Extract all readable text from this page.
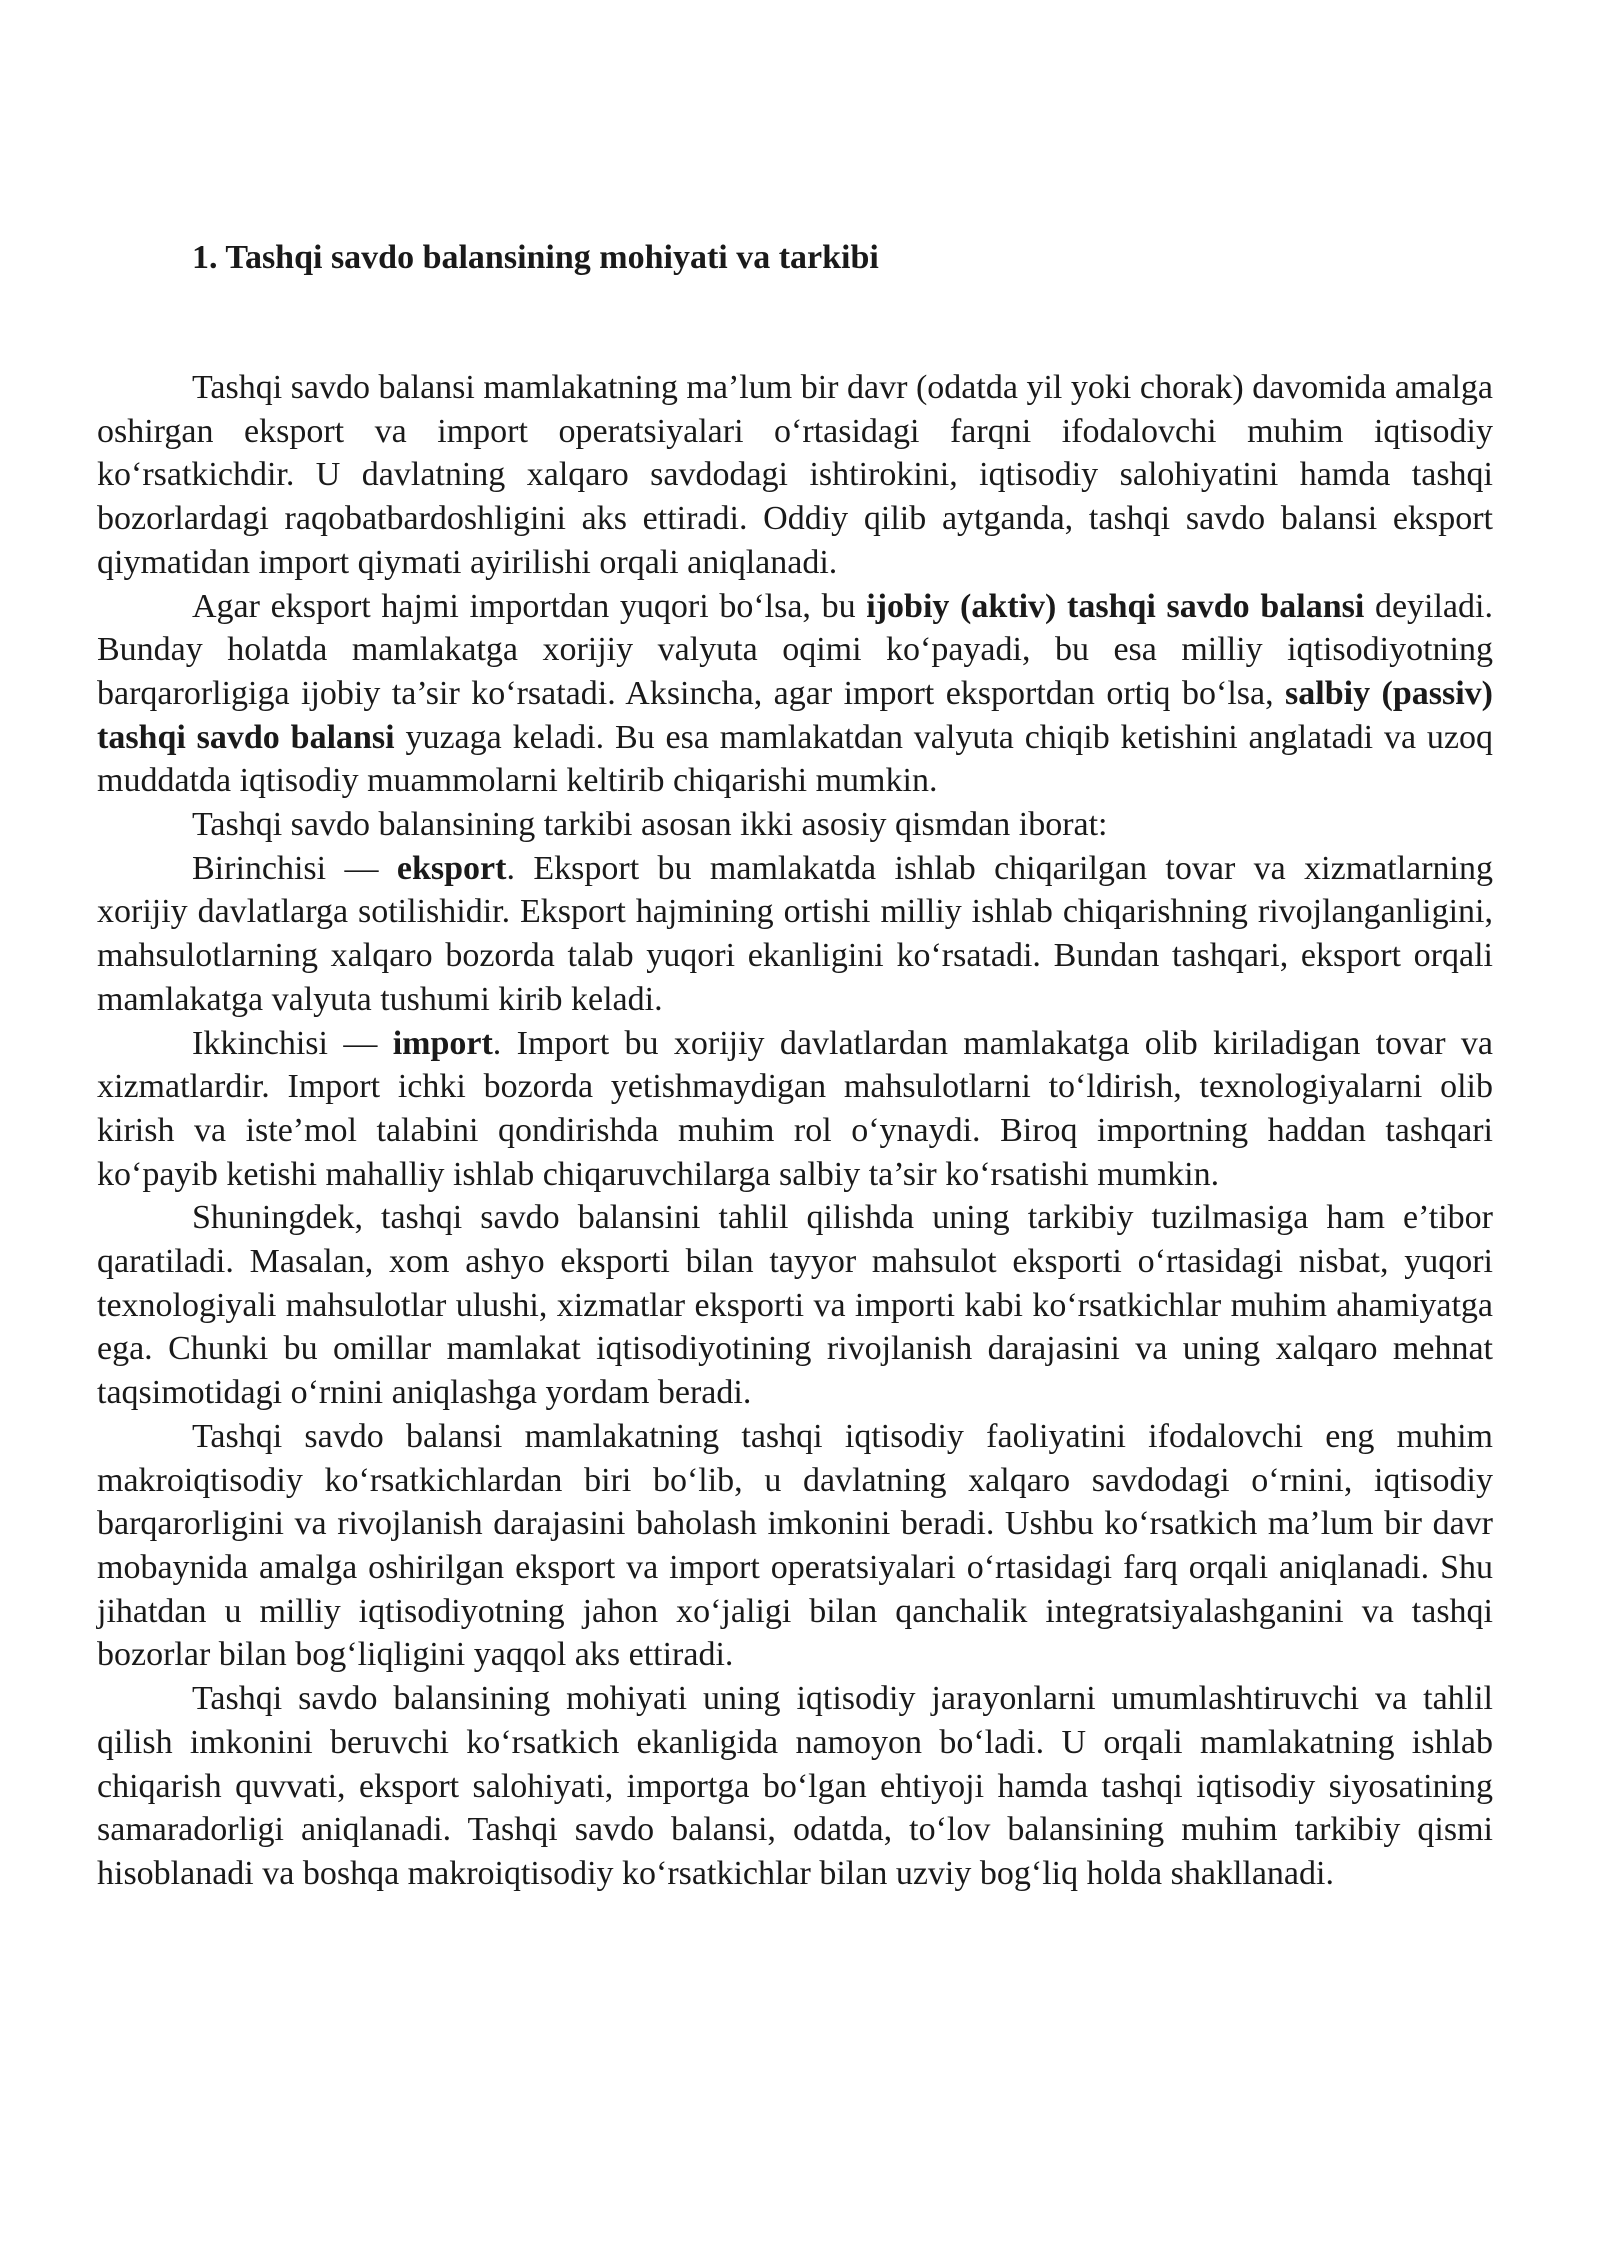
1. Tashqi savdo balansining mohiyati va tarkibi

Tashqi savdo balansi mamlakatning ma’lum bir davr (odatda yil yoki chorak) davomida amalga oshirgan eksport va import operatsiyalari o‘rtasidagi farqni ifodalovchi muhim iqtisodiy ko‘rsatkichdir. U davlatning xalqaro savdodagi ishtirokini, iqtisodiy salohiyatini hamda tashqi bozorlardagi raqobatbardoshligini aks ettiradi. Oddiy qilib aytganda, tashqi savdo balansi eksport qiymatidan import qiymati ayirilishi orqali aniqlanadi.

Agar eksport hajmi importdan yuqori bo‘lsa, bu ijobiy (aktiv) tashqi savdo balansi deyiladi. Bunday holatda mamlakatga xorijiy valyuta oqimi ko‘payadi, bu esa milliy iqtisodiyotning barqarorligiga ijobiy ta’sir ko‘rsatadi. Aksincha, agar import eksportdan ortiq bo‘lsa, salbiy (passiv) tashqi savdo balansi yuzaga keladi. Bu esa mamlakatdan valyuta chiqib ketishini anglatadi va uzoq muddatda iqtisodiy muammolarni keltirib chiqarishi mumkin.

Tashqi savdo balansining tarkibi asosan ikki asosiy qismdan iborat:

Birinchisi — eksport. Eksport bu mamlakatda ishlab chiqarilgan tovar va xizmatlarning xorijiy davlatlarga sotilishidir. Eksport hajmining ortishi milliy ishlab chiqarishning rivojlanganligini, mahsulotlarning xalqaro bozorda talab yuqori ekanligini ko‘rsatadi. Bundan tashqari, eksport orqali mamlakatga valyuta tushumi kirib keladi.

Ikkinchisi — import. Import bu xorijiy davlatlardan mamlakatga olib kiriladigan tovar va xizmatlardir. Import ichki bozorda yetishmaydigan mahsulotlarni to‘ldirish, texnologiyalarni olib kirish va iste’mol talabini qondirishda muhim rol o‘ynaydi. Biroq importning haddan tashqari ko‘payib ketishi mahalliy ishlab chiqaruvchilarga salbiy ta’sir ko‘rsatishi mumkin.

Shuningdek, tashqi savdo balansini tahlil qilishda uning tarkibiy tuzilmasiga ham e’tibor qaratiladi. Masalan, xom ashyo eksporti bilan tayyor mahsulot eksporti o‘rtasidagi nisbat, yuqori texnologiyali mahsulotlar ulushi, xizmatlar eksporti va importi kabi ko‘rsatkichlar muhim ahamiyatga ega. Chunki bu omillar mamlakat iqtisodiyotining rivojlanish darajasini va uning xalqaro mehnat taqsimotidagi o‘rnini aniqlashga yordam beradi.

Tashqi savdo balansi mamlakatning tashqi iqtisodiy faoliyatini ifodalovchi eng muhim makroiqtisodiy ko‘rsatkichlardan biri bo‘lib, u davlatning xalqaro savdodagi o‘rnini, iqtisodiy barqarorligini va rivojlanish darajasini baholash imkonini beradi. Ushbu ko‘rsatkich ma’lum bir davr mobaynida amalga oshirilgan eksport va import operatsiyalari o‘rtasidagi farq orqali aniqlanadi. Shu jihatdan u milliy iqtisodiyotning jahon xo‘jaligi bilan qanchalik integratsiyalashganini va tashqi bozorlar bilan bog‘liqligini yaqqol aks ettiradi.

Tashqi savdo balansining mohiyati uning iqtisodiy jarayonlarni umumlashtiruvchi va tahlil qilish imkonini beruvchi ko‘rsatkich ekanligida namoyon bo‘ladi. U orqali mamlakatning ishlab chiqarish quvvati, eksport salohiyati, importga bo‘lgan ehtiyoji hamda tashqi iqtisodiy siyosatining samaradorligi aniqlanadi. Tashqi savdo balansi, odatda, to‘lov balansining muhim tarkibiy qismi hisoblanadi va boshqa makroiqtisodiy ko‘rsatkichlar bilan uzviy bog‘liq holda shakllanadi.
